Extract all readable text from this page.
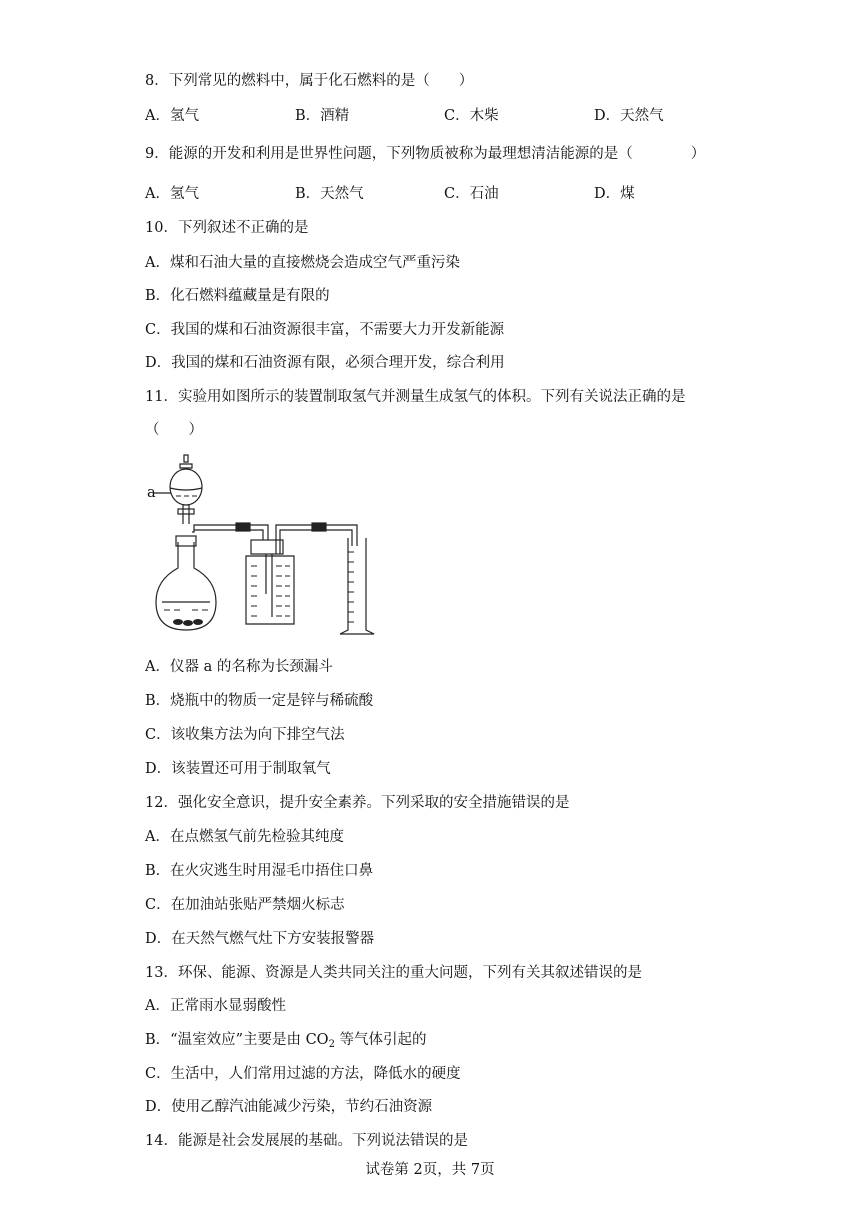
8．下列常见的燃料中，属于化石燃料的是（　　）
A．氢气	B．酒精	C．木柴	D．天然气
9．能源的开发和利用是世界性问题，下列物质被称为最理想清洁能源的是（　　　　）
A．氢气	B．天然气	C．石油	D．煤
10．下列叙述不正确的是
A．煤和石油大量的直接燃烧会造成空气严重污染
B．化石燃料蕴藏量是有限的
C．我国的煤和石油资源很丰富，不需要大力开发新能源
D．我国的煤和石油资源有限，必须合理开发，综合利用
11．实验用如图所示的装置制取氢气并测量生成氢气的体积。下列有关说法正确的是
（　　）
a
A．仪器 a 的名称为长颈漏斗
B．烧瓶中的物质一定是锌与稀硫酸
C．该收集方法为向下排空气法
D．该装置还可用于制取氧气
12．强化安全意识，提升安全素养。下列采取的安全措施错误的是
A．在点燃氢气前先检验其纯度
B．在火灾逃生时用湿毛巾捂住口鼻
C．在加油站张贴严禁烟火标志
D．在天然气燃气灶下方安装报警器
13．环保、能源、资源是人类共同关注的重大问题，下列有关其叙述错误的是
A．正常雨水显弱酸性
B．“温室效应”主要是由 $CO_2$ 等气体引起的
C．生活中，人们常用过滤的方法，降低水的硬度
D．使用乙醇汽油能减少污染，节约石油资源
14．能源是社会发展展的基础。下列说法错误的是
试卷第 2页，共 7页
